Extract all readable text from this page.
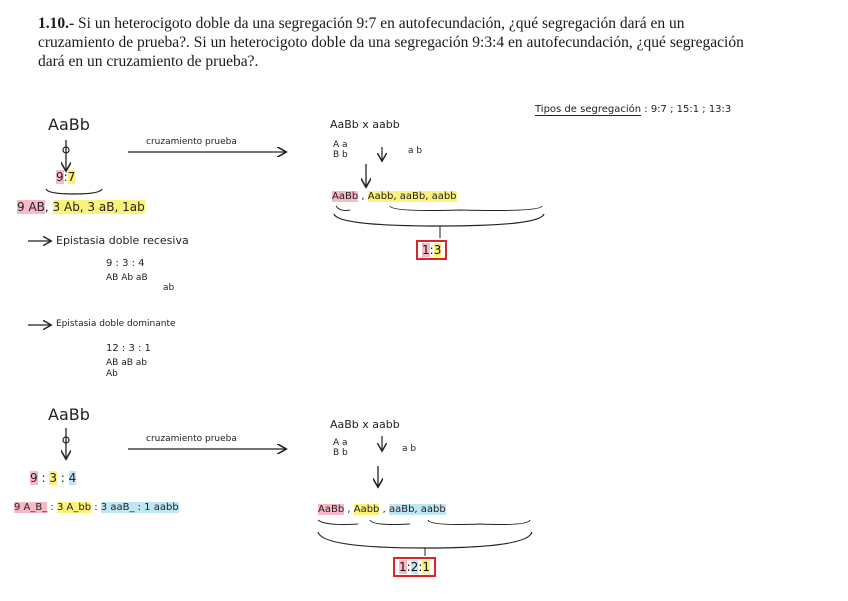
1.10.- Si un heterocigoto doble da una segregación 9:7 en autofecundación, ¿qué segregación dará en un cruzamiento de prueba?. Si un heterocigoto doble da una segregación 9:3:4 en autofecundación, ¿qué segregación dará en un cruzamiento de prueba?.
Tipos de segregación : 9:7 ; 15:1 ; 13:3
AaBb
9:7
9 AB, 3 Ab, 3 aB, 1ab
cruzamiento prueba
AaBb x aabb
A a
B b	a b
AaBb , Aabb, aaBb, aabb
1:3
Epistasia doble recesiva
9 : 3 : 4
AB Ab aB
ab
Epistasia doble dominante
12 : 3 : 1
AB aB ab
Ab
AaBb
9 : 3 : 4
9 A_B_ : 3 A_bb : 3 aaB_ : 1 aabb
cruzamiento prueba
AaBb x aabb
A a
B b	a b
AaBb , Aabb , aaBb, aabb
1:2:1
